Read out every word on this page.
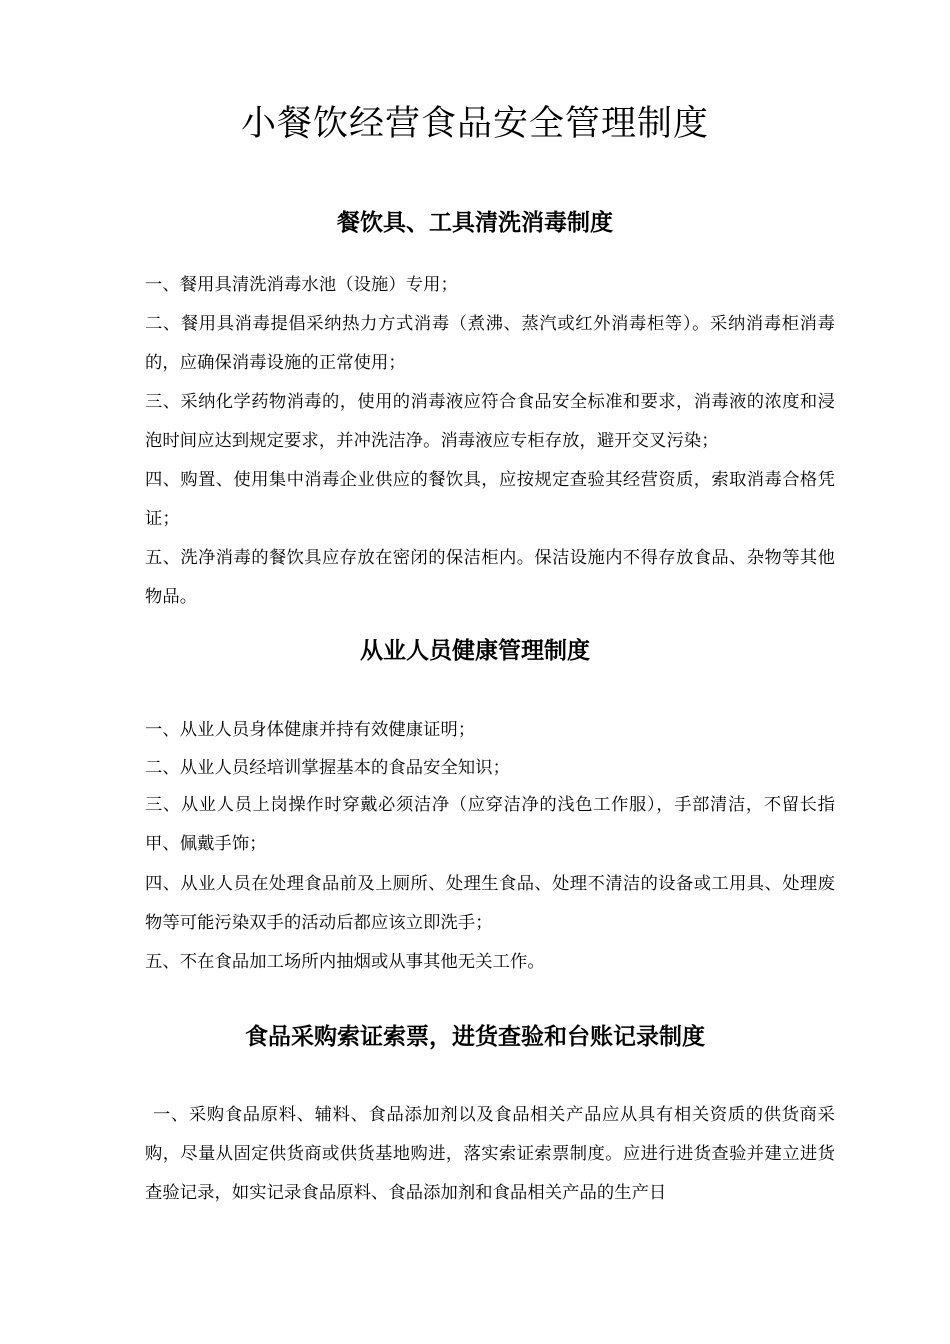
小餐饮经营食品安全管理制度
餐饮具、工具清洗消毒制度

一、餐用具清洗消毒水池（设施）专用；

二、餐用具消毒提倡采纳热力方式消毒（煮沸、蒸汽或红外消毒柜等）。采纳消毒柜消毒的，应确保消毒设施的正常使用；

三、采纳化学药物消毒的，使用的消毒液应符合食品安全标准和要求，消毒液的浓度和浸泡时间应达到规定要求，并冲洗洁净。消毒液应专柜存放，避开交叉污染；

四、购置、使用集中消毒企业供应的餐饮具，应按规定查验其经营资质，索取消毒合格凭证；

五、洗净消毒的餐饮具应存放在密闭的保洁柜内。保洁设施内不得存放食品、杂物等其他物品。

从业人员健康管理制度

一、从业人员身体健康并持有效健康证明；

二、从业人员经培训掌握基本的食品安全知识；

三、从业人员上岗操作时穿戴必须洁净（应穿洁净的浅色工作服），手部清洁，不留长指甲、佩戴手饰；

四、从业人员在处理食品前及上厕所、处理生食品、处理不清洁的设备或工用具、处理废物等可能污染双手的活动后都应该立即洗手；

五、不在食品加工场所内抽烟或从事其他无关工作。

食品采购索证索票，进货查验和台账记录制度

一、采购食品原料、辅料、食品添加剂以及食品相关产品应从具有相关资质的供货商采购，尽量从固定供货商或供货基地购进，落实索证索票制度。应进行进货查验并建立进货查验记录，如实记录食品原料、食品添加剂和食品相关产品的生产日
